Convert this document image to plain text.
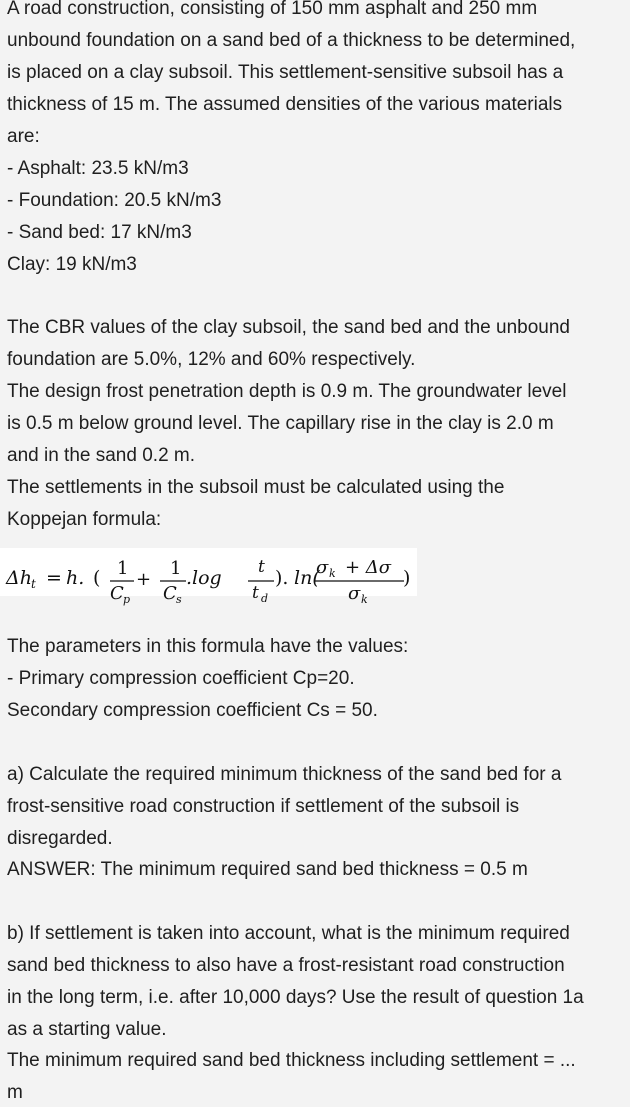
A road construction, consisting of 150 mm asphalt and 250 mm
unbound foundation on a sand bed of a thickness to be determined,
is placed on a clay subsoil. This settlement-sensitive subsoil has a
thickness of 15 m. The assumed densities of the various materials
are:
- Asphalt: 23.5 kN/m3
- Foundation: 20.5 kN/m3
- Sand bed: 17 kN/m3
Clay: 19 kN/m3
The CBR values of the clay subsoil, the sand bed and the unbound
foundation are 5.0%, 12% and 60% respectively.
The design frost penetration depth is 0.9 m. The groundwater level
is 0.5 m below ground level. The capillary rise in the clay is 2.0 m
and in the sand 0.2 m.
The settlements in the subsoil must be calculated using the
Koppejan formula:
Δh t = h. ( 1
C p
+
1
C s
.log t
t d
). ln(
σ k + Δσ
σ k
)
The parameters in this formula have the values:
- Primary compression coefficient Cp=20.
Secondary compression coefficient Cs = 50.
a) Calculate the required minimum thickness of the sand bed for a
frost-sensitive road construction if settlement of the subsoil is
disregarded.
ANSWER: The minimum required sand bed thickness = 0.5 m
b) If settlement is taken into account, what is the minimum required
sand bed thickness to also have a frost-resistant road construction
in the long term, i.e. after 10,000 days? Use the result of question 1a
as a starting value.
The minimum required sand bed thickness including settlement = ...
m
